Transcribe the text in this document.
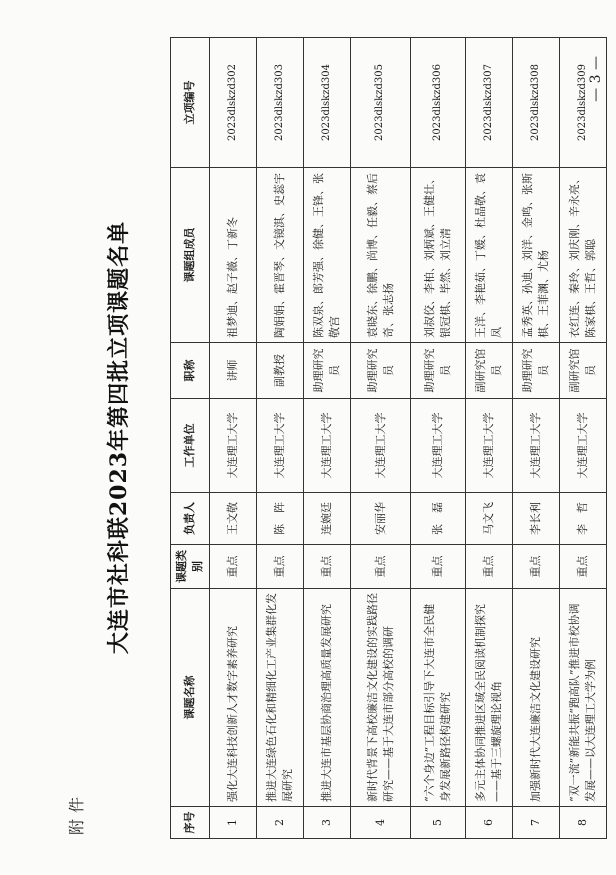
附件
大连市社科联2023年第四批立项课题名单
序号	课题名称	课题类别	负责人	工作单位	职称	课题组成员	立项编号
1	强化大连科技创新人才数字素养研究	重点	王文敬	大连理工大学	讲师	祖梦迪、赵子薇、丁新冬	2023dlskzd302
2	推进大连绿色石化和精细化工产业集群化发展研究	重点	陈　阵	大连理工大学	副教授	陶娟娟、霍晋琴、文镜淇、史蕊宇	2023dlskzd303
3	推进大连市基层协商治理高质量发展研究	重点	连婉廷	大连理工大学	助理研究员	陈双泉、郎芳强、徐健、王锋、张敬宫	2023dlskzd304
4	新时代背景下高校廉洁文化建设的实践路径研究——基于大连市部分高校的调研	重点	安丽华	大连理工大学	助理研究员	袁晓东、徐鹏、尚博、任毅、蔡后奇、张志扬	2023dlskzd305
5	“六个身边”工程目标引导下大连市全民健身发展新路径构建研究	重点	张　磊	大连理工大学	助理研究员	刘叔佼、李柏、刘炳斌、王健壮、银冠棋、毕然、刘立清	2023dlskzd306
6	多元主体协同推进区域全民阅读机制探究——基于三螺旋理论视角	重点	马文飞	大连理工大学	副研究馆员	王洋、李艳茹、丁媛、杜晶敬、袁凤	2023dlskzd307
7	加强新时代大连廉洁文化建设研究	重点	李长利	大连理工大学	助理研究员	孟秀英、孙迪、刘洋、金鸣、张斯棋、王菲渊、尤杨	2023dlskzd308
8	“双一流”新能共振“跑高队”推进市校协调发展——以大连理工大学为例	重点	李　哲	大连理工大学	副研究馆员	衣红连、秦玲、刘庆刚、辛永亮、陈家棋、王哲、郭聪	2023dlskzd309 — 3 —
